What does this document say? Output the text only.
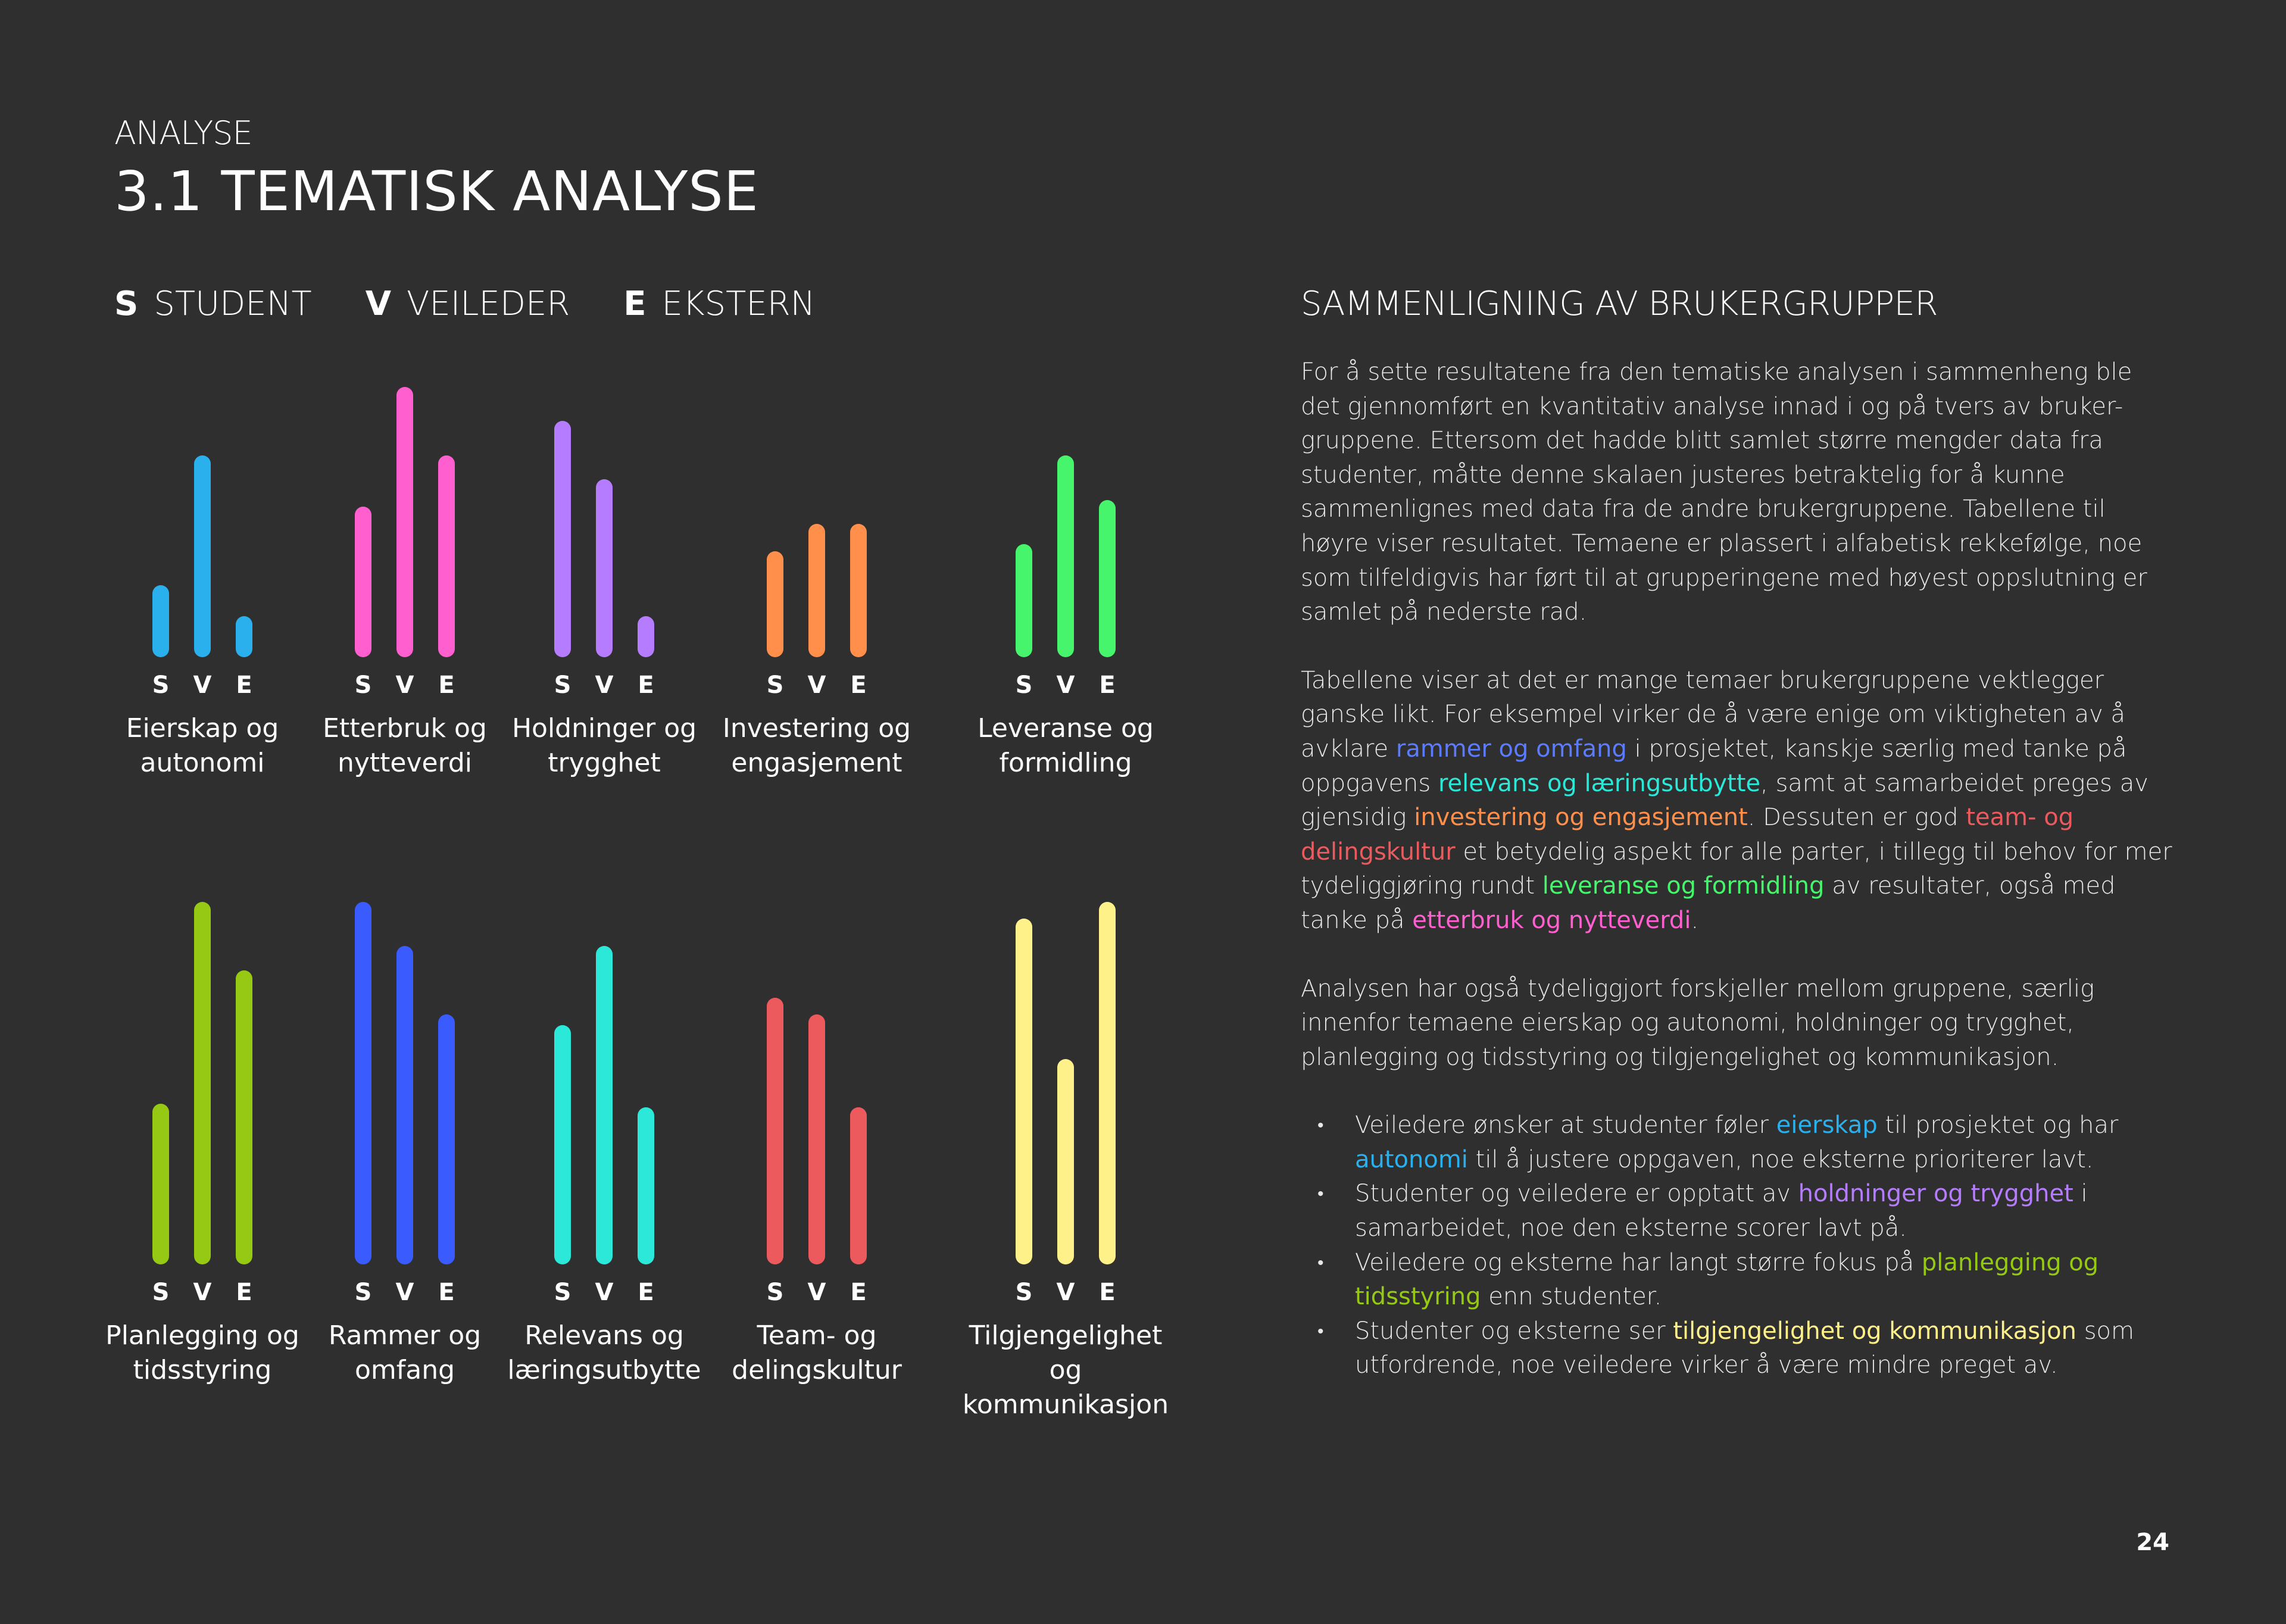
ANALYSE
3.1 TEMATISK ANALYSE
S STUDENT V VEILEDER E EKSTERN
S	V	E
Eierskap og autonomi
S	V	E
Etterbruk og nytteverdi
S	V	E
Holdninger og trygghet
S	V	E
Investering og engasjement
S	V	E
Leveranse og formidling
S	V	E
Planlegging og tidsstyring
S	V	E
Rammer og omfang
S	V	E
Relevans og læringsutbytte
S	V	E
Team- og delingskultur
S	V	E
Tilgjengelighet og kommunikasjon
SAMMENLIGNING AV BRUKERGRUPPER

For å sette resultatene fra den tematiske analysen i sammenheng ble det gjennomført en kvantitativ analyse innad i og på tvers av bruker-gruppene. Ettersom det hadde blitt samlet større mengder data fra studenter, måtte denne skalaen justeres betraktelig for å kunne sammenlignes med data fra de andre brukergruppene. Tabellene til høyre viser resultatet. Temaene er plassert i alfabetisk rekkefølge, noe som tilfeldigvis har ført til at grupperingene med høyest oppslutning er samlet på nederste rad.

Tabellene viser at det er mange temaer brukergruppene vektlegger ganske likt. For eksempel virker de å være enige om viktigheten av å avklare rammer og omfang i prosjektet, kanskje særlig med tanke på oppgavens relevans og læringsutbytte, samt at samarbeidet preges av gjensidig investering og engasjement. Dessuten er god team- og delingskultur et betydelig aspekt for alle parter, i tillegg til behov for mer tydeliggjøring rundt leveranse og formidling av resultater, også med tanke på etterbruk og nytteverdi.

Analysen har også tydeliggjort forskjeller mellom gruppene, særlig innenfor temaene eierskap og autonomi, holdninger og trygghet, planlegging og tidsstyring og tilgjengelighet og kommunikasjon.

• Veiledere ønsker at studenter føler eierskap til prosjektet og har autonomi til å justere oppgaven, noe eksterne prioriterer lavt.
• Studenter og veiledere er opptatt av holdninger og trygghet i samarbeidet, noe den eksterne scorer lavt på.
• Veiledere og eksterne har langt større fokus på planlegging og tidsstyring enn studenter.
• Studenter og eksterne ser tilgjengelighet og kommunikasjon som utfordrende, noe veiledere virker å være mindre preget av.
24
